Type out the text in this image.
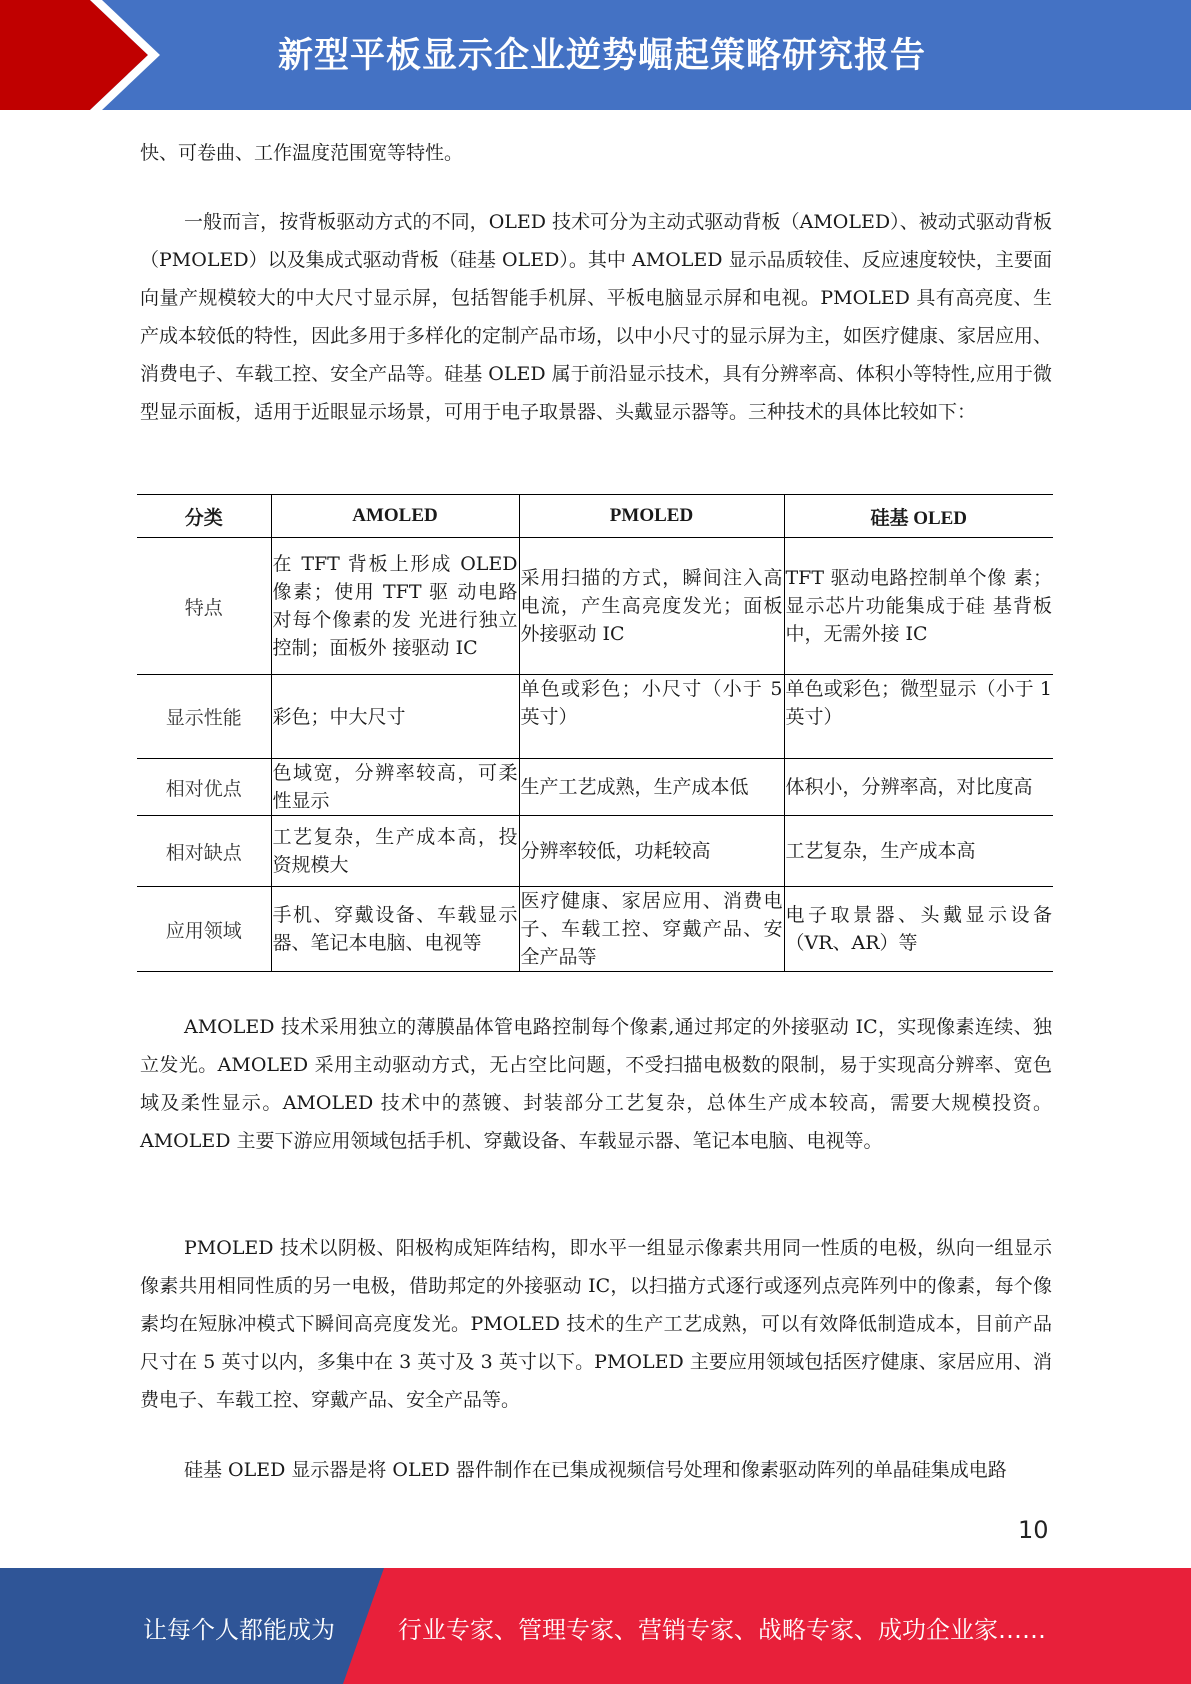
新型平板显示企业逆势崛起策略研究报告

快、可卷曲、工作温度范围宽等特性。

一般而言，按背板驱动方式的不同，OLED 技术可分为主动式驱动背板（AMOLED）、被动式驱动背板（PMOLED）以及集成式驱动背板（硅基 OLED）。其中 AMOLED 显示品质较佳、反应速度较快，主要面向量产规模较大的中大尺寸显示屏，包括智能手机屏、平板电脑显示屏和电视。PMOLED 具有高亮度、生产成本较低的特性，因此多用于多样化的定制产品市场，以中小尺寸的显示屏为主，如医疗健康、家居应用、消费电子、车载工控、安全产品等。硅基 OLED 属于前沿显示技术，具有分辨率高、体积小等特性,应用于微型显示面板，适用于近眼显示场景，可用于电子取景器、头戴显示器等。三种技术的具体比较如下：

分类	AMOLED	PMOLED	硅基 OLED
特点	在 TFT 背板上形成 OLED 像素；使用 TFT 驱 动电路对每个像素的发 光进行独立控制；面板外 接驱动 IC	采用扫描的方式，瞬间注入高电流，产生高亮度发光；面板外接驱动 IC	TFT 驱动电路控制单个像 素；显示芯片功能集成于硅 基背板中，无需外接 IC
显示性能	彩色；中大尺寸	单色或彩色；小尺寸（小于 5 英寸）	单色或彩色；微型显示（小于 1 英寸）
相对优点	色域宽，分辨率较高，可柔性显示	生产工艺成熟，生产成本低	体积小，分辨率高，对比度高
相对缺点	工艺复杂，生产成本高，投资规模大	分辨率较低，功耗较高	工艺复杂，生产成本高
应用领域	手机、穿戴设备、车载显示器、笔记本电脑、电视等	医疗健康、家居应用、消费电子、车载工控、穿戴产品、安全产品等	电子取景器、头戴显示设备（VR、AR）等

AMOLED 技术采用独立的薄膜晶体管电路控制每个像素,通过邦定的外接驱动 IC，实现像素连续、独立发光。AMOLED 采用主动驱动方式，无占空比问题，不受扫描电极数的限制，易于实现高分辨率、宽色域及柔性显示。AMOLED 技术中的蒸镀、封装部分工艺复杂，总体生产成本较高，需要大规模投资。AMOLED 主要下游应用领域包括手机、穿戴设备、车载显示器、笔记本电脑、电视等。

PMOLED 技术以阴极、阳极构成矩阵结构，即水平一组显示像素共用同一性质的电极，纵向一组显示像素共用相同性质的另一电极，借助邦定的外接驱动 IC，以扫描方式逐行或逐列点亮阵列中的像素，每个像素均在短脉冲模式下瞬间高亮度发光。PMOLED 技术的生产工艺成熟，可以有效降低制造成本，目前产品尺寸在 5 英寸以内，多集中在 3 英寸及 3 英寸以下。PMOLED 主要应用领域包括医疗健康、家居应用、消费电子、车载工控、穿戴产品、安全产品等。

硅基 OLED 显示器是将 OLED 器件制作在已集成视频信号处理和像素驱动阵列的单晶硅集成电路

10
让每个人都能成为	行业专家、管理专家、营销专家、战略专家、成功企业家……
